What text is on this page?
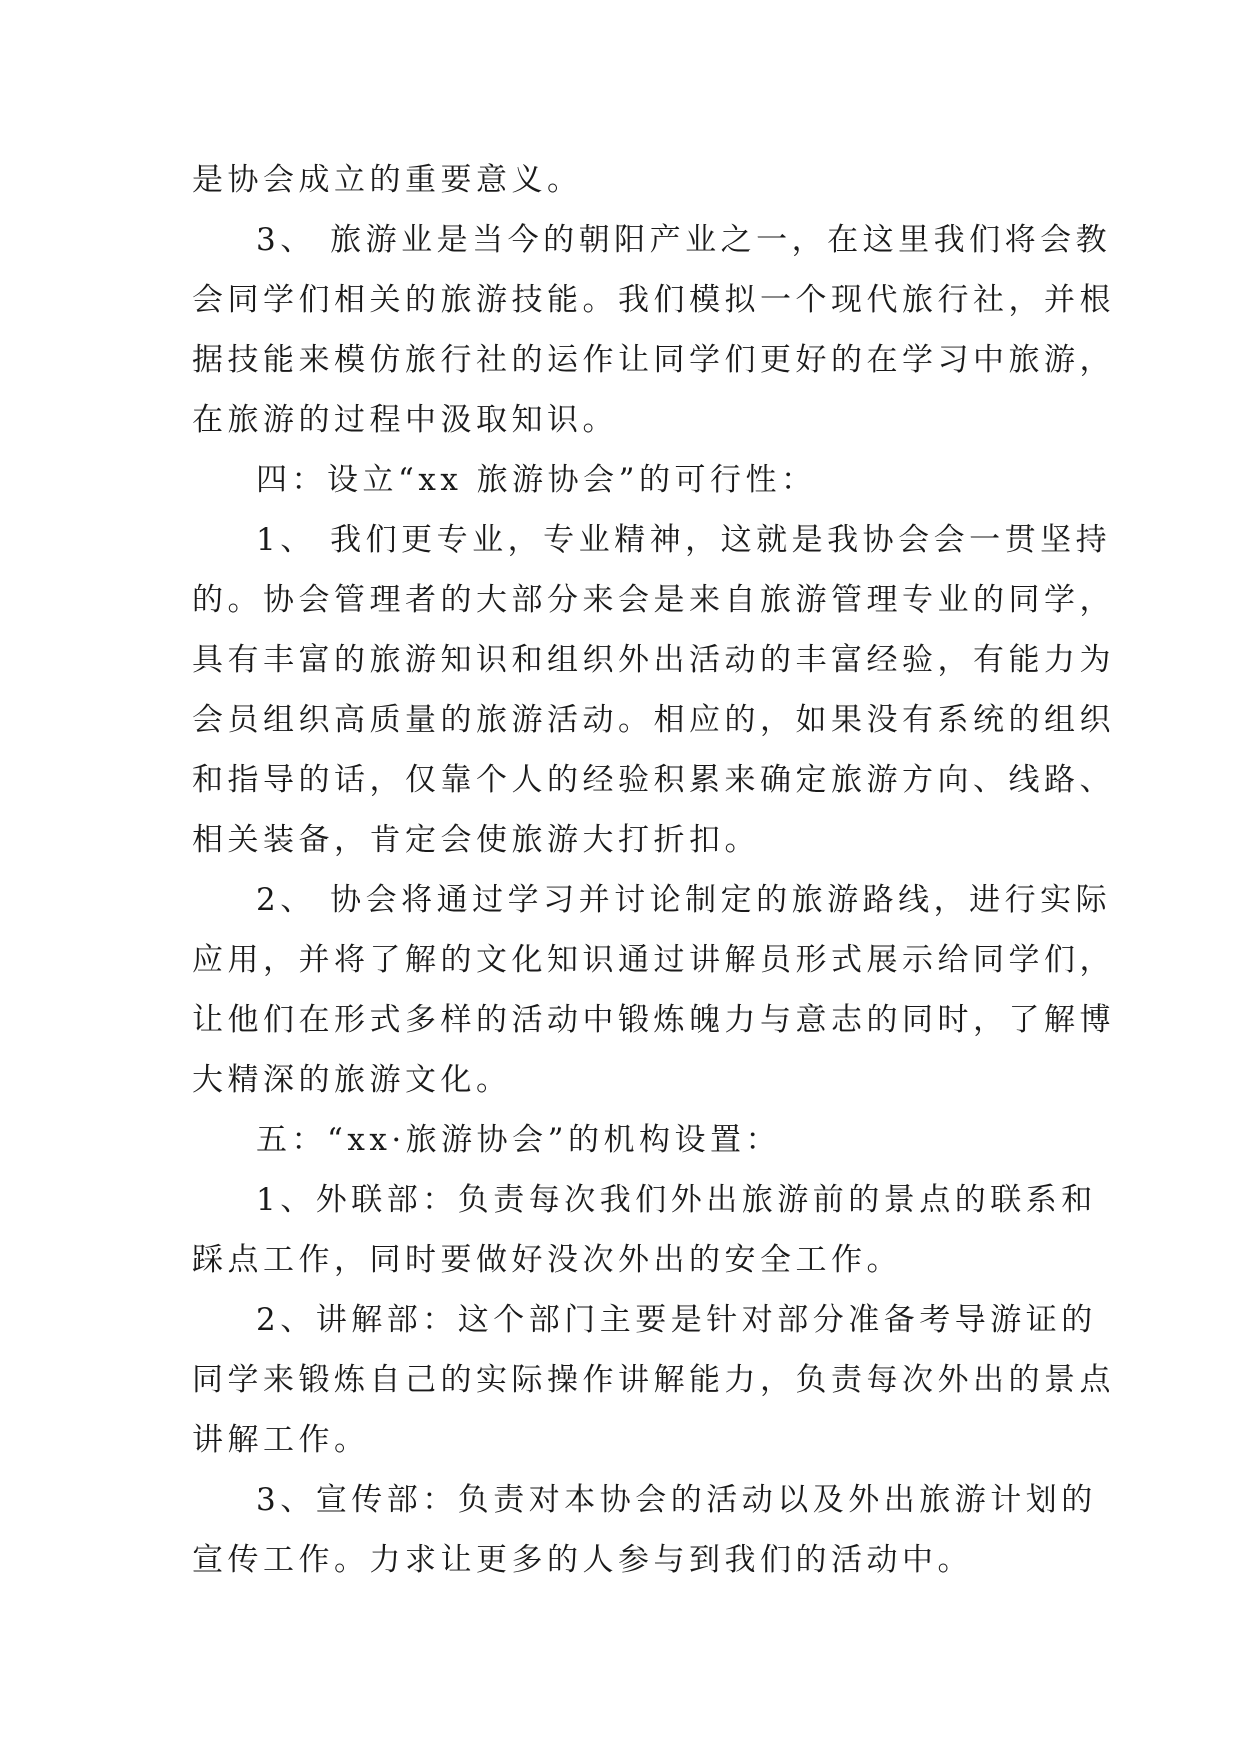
是协会成立的重要意义。
3、 旅游业是当今的朝阳产业之一，在这里我们将会教
会同学们相关的旅游技能。我们模拟一个现代旅行社，并根
据技能来模仿旅行社的运作让同学们更好的在学习中旅游，
在旅游的过程中汲取知识。
四：设立“xx 旅游协会”的可行性：
1、 我们更专业，专业精神，这就是我协会会一贯坚持
的。协会管理者的大部分来会是来自旅游管理专业的同学，
具有丰富的旅游知识和组织外出活动的丰富经验，有能力为
会员组织高质量的旅游活动。相应的，如果没有系统的组织
和指导的话，仅靠个人的经验积累来确定旅游方向、线路、
相关装备，肯定会使旅游大打折扣。
2、 协会将通过学习并讨论制定的旅游路线，进行实际
应用，并将了解的文化知识通过讲解员形式展示给同学们，
让他们在形式多样的活动中锻炼魄力与意志的同时，了解博
大精深的旅游文化。
五：“xx·旅游协会”的机构设置：
1、外联部：负责每次我们外出旅游前的景点的联系和
踩点工作，同时要做好没次外出的安全工作。
2、讲解部：这个部门主要是针对部分准备考导游证的
同学来锻炼自己的实际操作讲解能力，负责每次外出的景点
讲解工作。
3、宣传部：负责对本协会的活动以及外出旅游计划的
宣传工作。力求让更多的人参与到我们的活动中。
